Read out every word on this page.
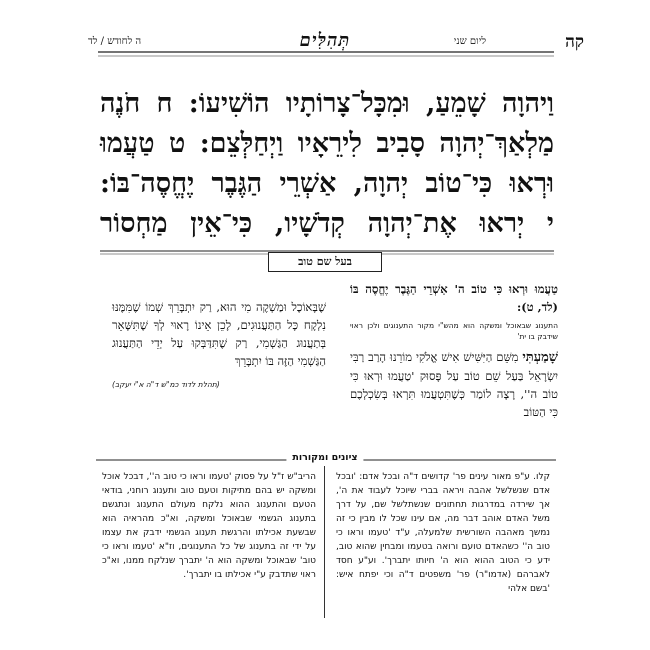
קה
ליום שני
תְּהִלִּים
ה לחודש / לד
וַיהוָה שָׁמֵעַ, וּמִכָּל־צָרוֹתָיו הוֹשִׁיעוֹ: ח חֹנֶה
מַלְאַךְ־יְהוָה סָבִיב לִירֵאָיו וַיְחַלְּצֵם: ט טַעֲמוּ
וּרְאוּ כִּי־טוֹב יְהוָה, אַשְׁרֵי הַגֶּבֶר יֶחֱסֶה־בּוֹ:
י יְראוּ אֶת־יְהוָה קְדֹשָׁיו, כִּי־אֵין מַחְסוֹר
בעל שם טוב
טַעֲמוּ וּרְאוּ כִּי טוֹב ה' אַשְׁרֵי הַגֶּבֶר יֶחֱסֶה בּוֹ (לד, ט):
התענוג שבאוכל ומשקה הוא מהש"י מקור התענוגים ולכן ראוי שידבק בו ית'
שָׁמַעְתִּי מִשֵּׁם הַיִּשִּׁישׁ אִישׁ אֱלֹקִי מוֹרֵנוּ הָרַב רַבִּי יִשְׂרָאֵל בַּעַל שֵׁם טוֹב עַל פָּסוּק 'טַעֲמוּ וּרְאוּ כִּי טוֹב ה'', רָצָה לוֹמַר כְּשֶׁתִּטְעֲמוּ תִּרְאוּ בְּשִׂכְלְכֶם כִּי הַטּוֹב
שֶׁבָּאוֹכֶל וּמַשְׁקֶה מִי הוּא, רַק יִתְבָּרֵךְ שְׁמוֹ שֶׁמִּמֶּנּוּ נִלְקָח כָּל הַתַּעֲנוּגִים, לָכֵן אֵינוֹ רָאוּי לְךָ שֶׁתִּשָּׁאֵר בְּתַעֲנוּג הַגַּשְׁמִי, רַק שֶׁתִּדַּבְּקוּ עַל יְדֵי הַתַּעֲנוּג הַגַּשְׁמִי הַזֶּה בּוֹ יִתְבָּרֵךְ
(תהלת לדוד כמ"ש ד"ה א"י יעקב)
ציונים ומקורות
קלו. ע"פ מאור עינים פר' קדושים ד"ה ובכל אדם: 'ובכל אדם שנשלשל אהבה ויראה בברי שיוכל לעבוד את ה', אך שירדה במדרגות תחתונים שנשתלשל שם, על דרך משל האדם אוהב דבר מה, אם עינו שכל לו מבין כי זה נמשך מאהבה השורשית שלמעלה, ע"ד 'טעמו וראו כי טוב ה'' כשהאדם טועם ורואה בטעמו ומבחין שהוא טוב, ידע כי הטוב ההוא הוא ה' חיותו יתברך'. וע"ע חסד לאברהם (אדמו"ר) פר' משפטים ד"ה וכי יפתח איש: 'בשם אלהי
הריב"ש ז"ל על פסוק 'טעמו וראו כי טוב ה'', דבכל אוכל ומשקה יש בהם מתיקות וטעם טוב ותענוג רוחני, בודאי הטעם והתענוג ההוא נלקח מעולם התענוג ונתגשם בתענוג הגשמי שבאוכל ומשקה, וא"כ מהראיה הוא שבשעת אכילתו והרגשת תענוג הגשמי ידבק את עצמו על ידי זה בתענוג של כל התענוגים, וז"א 'טעמו וראו כי טוב' שבאוכל ומשקה הוא ה' יתברך שנלקח ממנו, וא"כ ראוי שתדבק ע"י אכילתו בו יתברך'.
